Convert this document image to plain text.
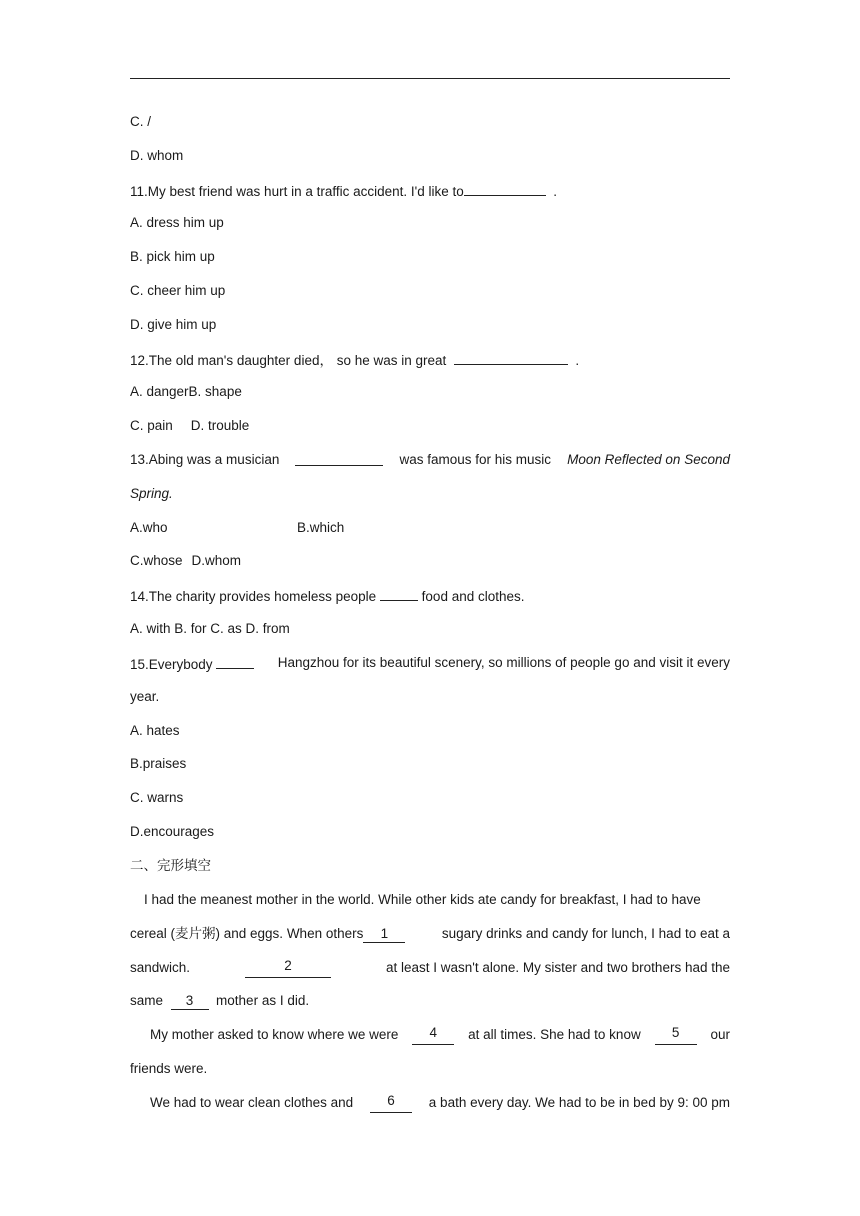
C. /
D. whom
11.My best friend was hurt in a traffic accident. I'd like to	.
A. dress him up
B. pick him up
C. cheer him up
D. give him up
12.The old man's daughter died， so he was in great	.
A. dangerB. shape
C. pain D. trouble
13.Abing was a musician	was famous for his music Moon Reflected on Second
Spring.
A.who	B.which
C.whose D.whom
14.The charity provides homeless people	food and clothes.
A. with B. for C. as D. from
15.Everybody	Hangzhou for its beautiful scenery, so millions of people go and visit it every
year.
A. hates
B.praises
C. warns
D.encourages
二、完形填空
I had the meanest mother in the world. While other kids ate candy for breakfast, I had to have
cereal (麦片粥) and eggs. When others 1	sugary drinks and candy for lunch, I had to eat a
sandwich.	2	at least I wasn't alone. My sister and two brothers had the
same 3 mother as I did.
My mother asked to know where we were	4	at all times. She had to know	5	our
friends were.
We had to wear clean clothes and	6	a bath every day. We had to be in bed by 9: 00 pm
